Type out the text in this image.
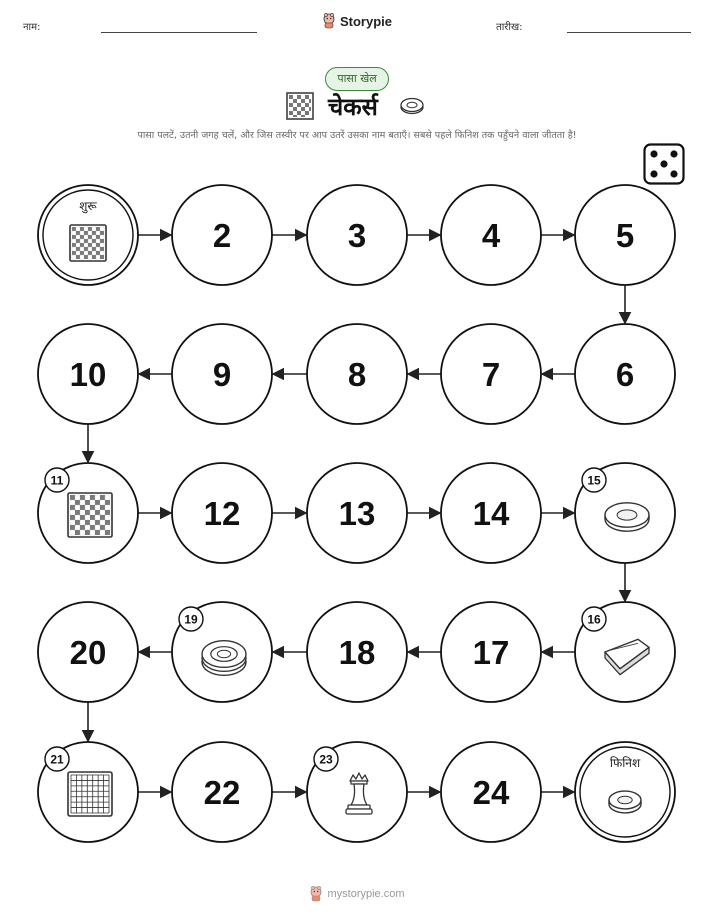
नाम:	Storypie	तारीख:
पासा खेल
चेकर्स
पासा पलटें, उतनी जगह चलें, और जिस तस्वीर पर आप उतरें उसका नाम बताएँ। सबसे पहले फिनिश तक पहुँचने वाला जीतता है!
शुरू
2	3	4	5
6
7
8
9
10
11
12	13	14
15
16
17
18
19
20
21
22
23
24
फिनिश
mystorypie.com
